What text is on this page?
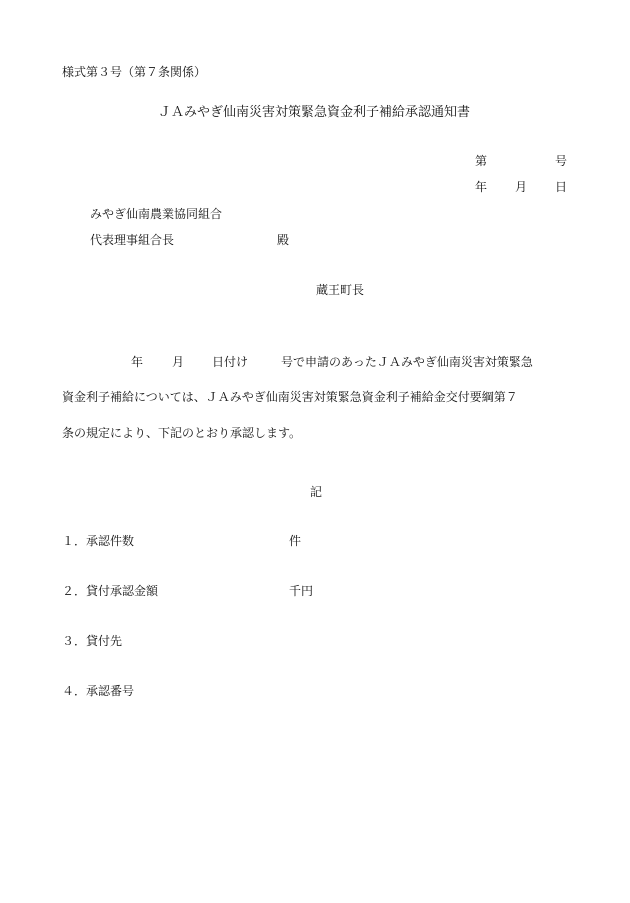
様式第３号（第７条関係）
ＪＡみやぎ仙南災害対策緊急資金利子補給承認通知書
第	号
年 月 日
みやぎ仙南農業協同組合
代表理事組合長	殿
蔵王町長
年 月 日付け	号で申請のあったＪＡみやぎ仙南災害対策緊急
資金利子補給については、ＪＡみやぎ仙南災害対策緊急資金利子補給金交付要綱第７
条の規定により、下記のとおり承認します。
記
１．承認件数	件
２．貸付承認金額	千円
３．貸付先
４．承認番号
